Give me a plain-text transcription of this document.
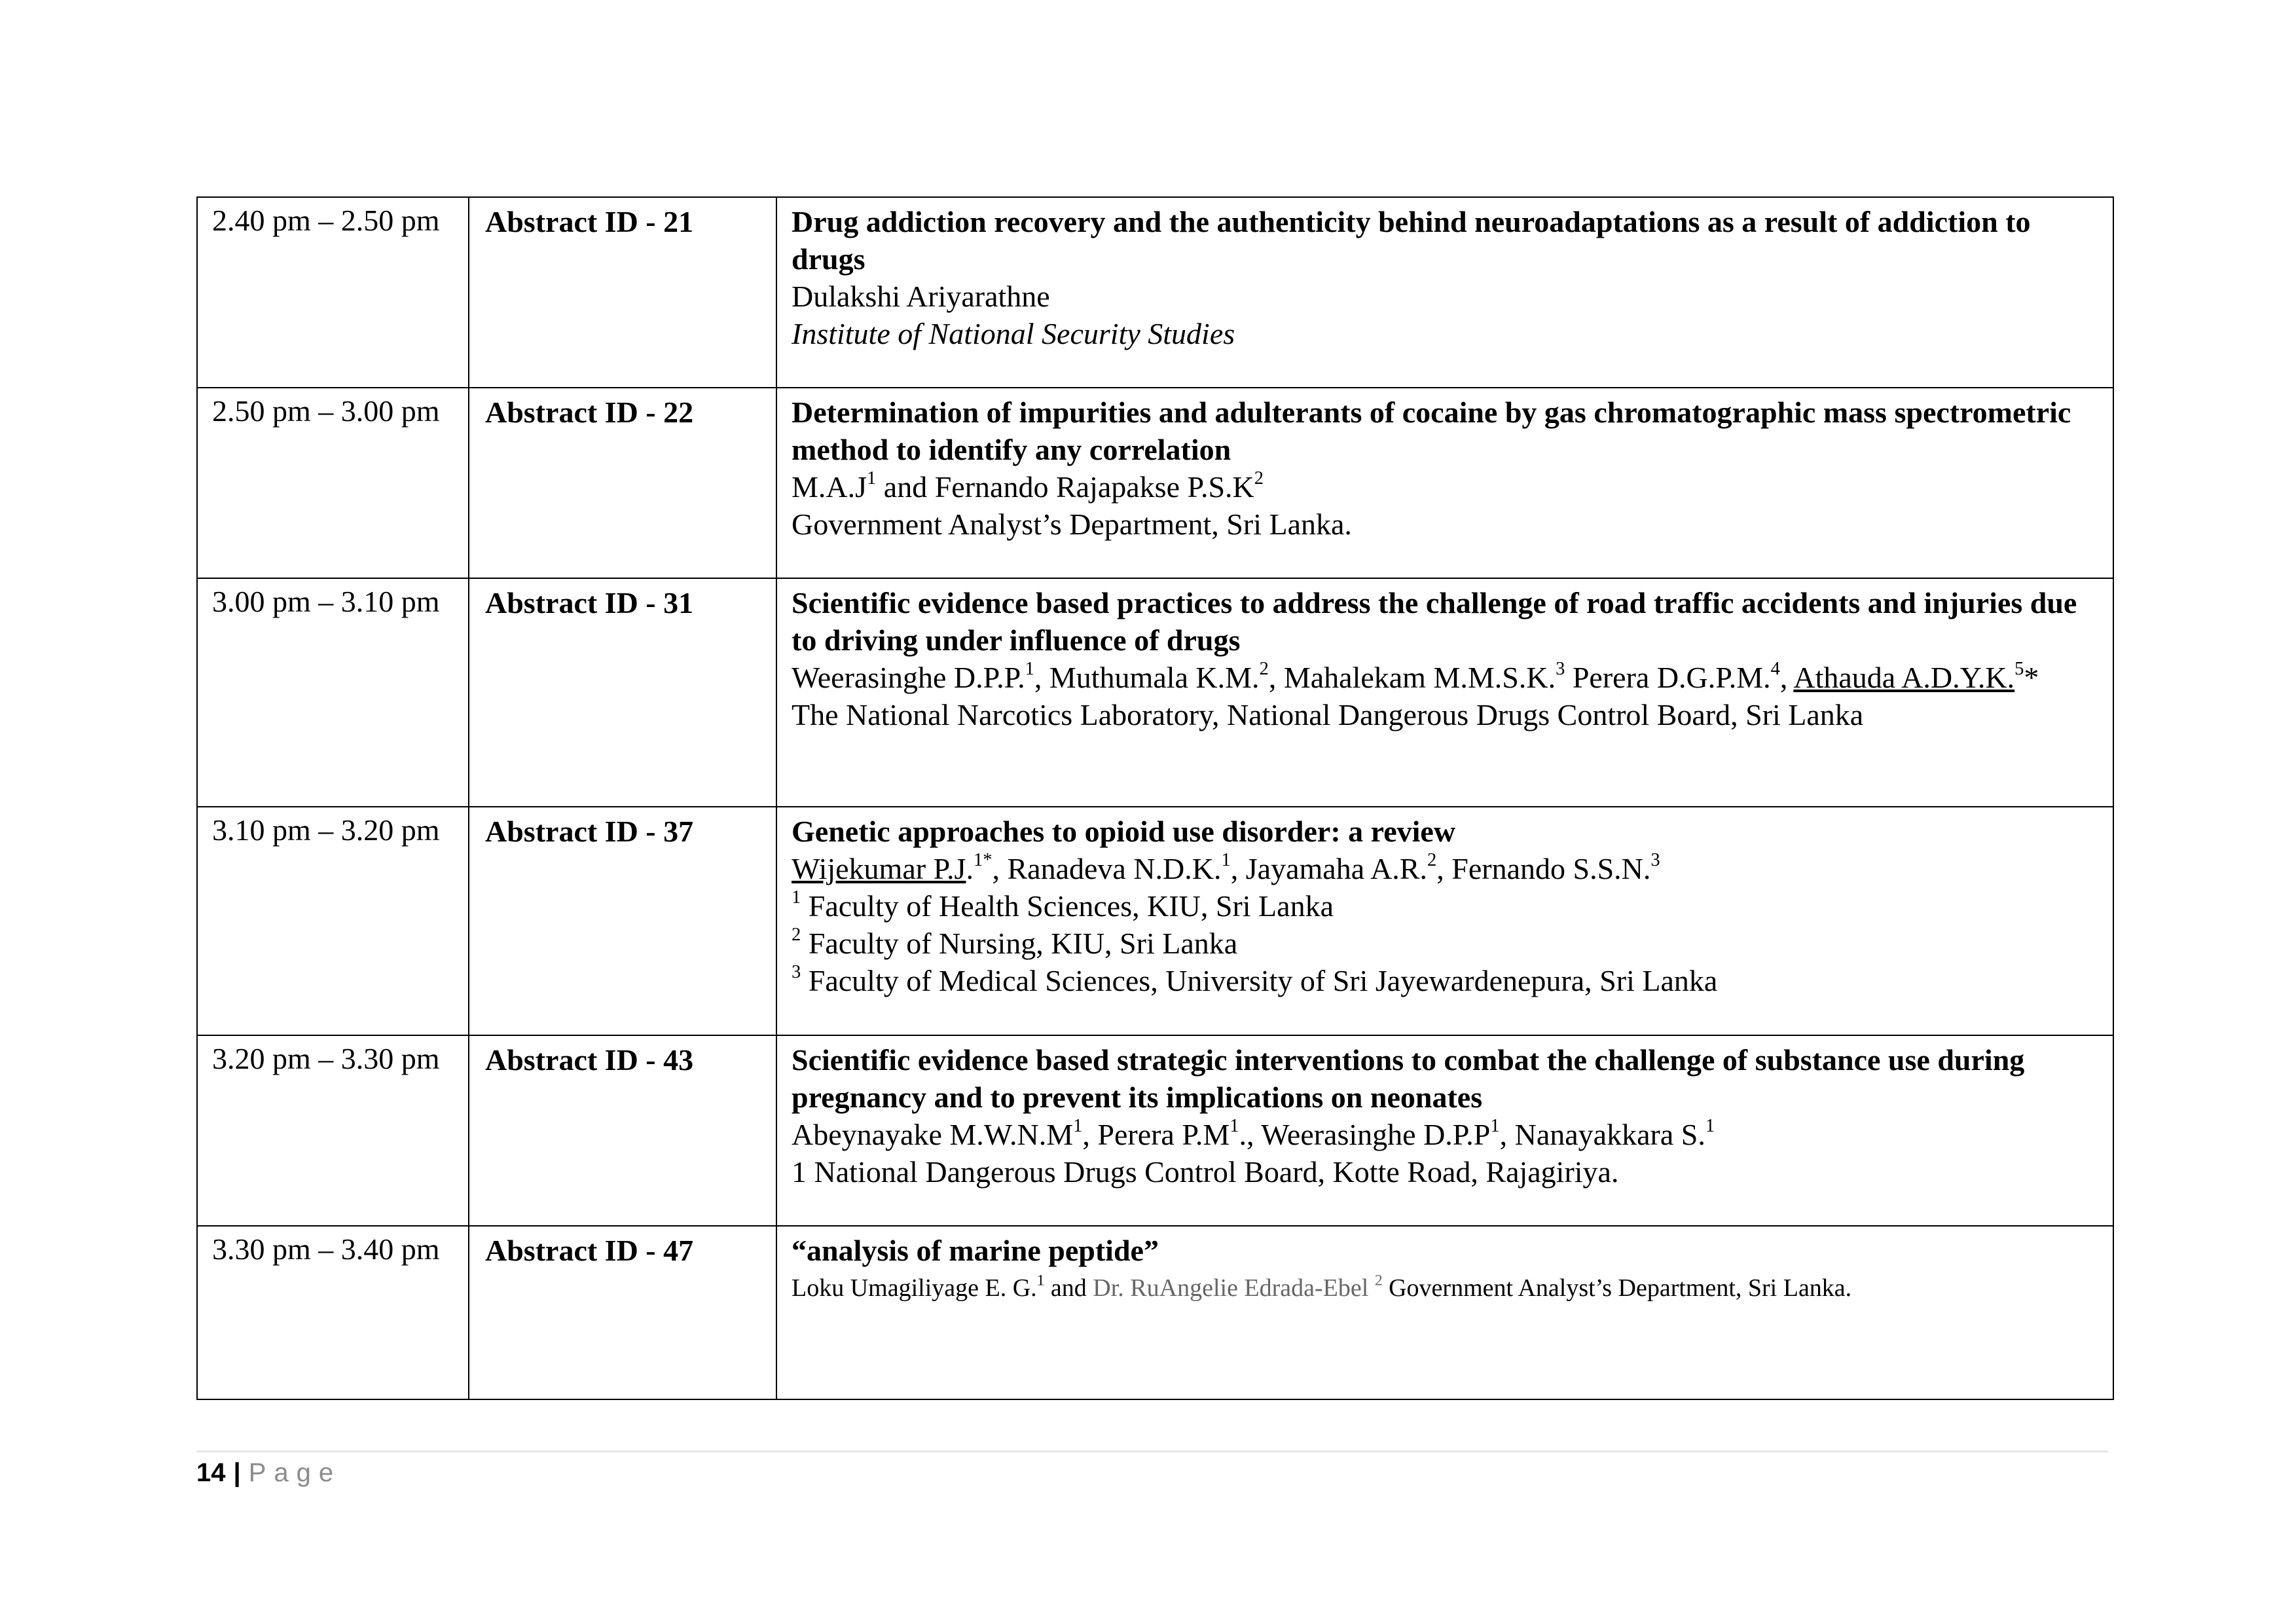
2.40 pm – 2.50 pm	Abstract ID - 21	Drug addiction recovery and the authenticity behind neuroadaptations as a result of addiction to drugs
Dulakshi Ariyarathne
Institute of National Security Studies

2.50 pm – 3.00 pm	Abstract ID - 22	Determination of impurities and adulterants of cocaine by gas chromatographic mass spectrometric method to identify any correlation
$M.A.J^1$ and Fernando Rajapakse $P.S.K^2$
Government Analyst’s Department, Sri Lanka.

3.00 pm – 3.10 pm	Abstract ID - 31	Scientific evidence based practices to address the challenge of road traffic accidents and injuries due to driving under influence of drugs
Weerasinghe D.P.P.$^1$, Muthumala K.M.$^2$, Mahalekam M.M.S.K.$^3$ Perera D.G.P.M.$^4$, Athauda A.D.Y.K.$^5$*
The National Narcotics Laboratory, National Dangerous Drugs Control Board, Sri Lanka

3.10 pm – 3.20 pm	Abstract ID - 37	Genetic approaches to opioid use disorder: a review
Wijekumar P.J.$^{1*}$, Ranadeva N.D.K.$^1$, Jayamaha A.R.$^2$, Fernando S.S.N.$^3$
$^1$ Faculty of Health Sciences, KIU, Sri Lanka
$^2$ Faculty of Nursing, KIU, Sri Lanka
$^3$ Faculty of Medical Sciences, University of Sri Jayewardenepura, Sri Lanka

3.20 pm – 3.30 pm	Abstract ID - 43	Scientific evidence based strategic interventions to combat the challenge of substance use during pregnancy and to prevent its implications on neonates
Abeynayake $M.W.N.M^1$, Perera $P.M^1$., Weerasinghe $D.P.P^1$, Nanayakkara S.$^1$
1 National Dangerous Drugs Control Board, Kotte Road, Rajagiriya.

3.30 pm – 3.40 pm	Abstract ID - 47	“analysis of marine peptide”
Loku Umagiliyage E. G.$^1$ and Dr. RuAngelie Edrada-Ebel $^2$ Government Analyst’s Department, Sri Lanka.
14 | Page
